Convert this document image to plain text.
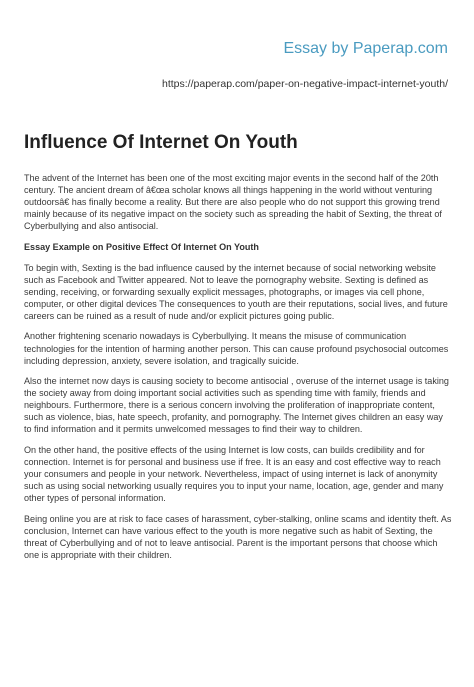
Essay by Paperap.com
https://paperap.com/paper-on-negative-impact-internet-youth/
Influence Of Internet On Youth

The advent of the Internet has been one of the most exciting major events in the second half of the 20th century. The ancient dream of â€œa scholar knows all things happening in the world without venturing outdoorsâ€ has finally become a reality. But there are also people who do not support this growing trend mainly because of its negative impact on the society such as spreading the habit of Sexting, the threat of Cyberbullying and also antisocial.

Essay Example on Positive Effect Of Internet On Youth

To begin with, Sexting is the bad influence caused by the internet because of social networking website such as Facebook and Twitter appeared. Not to leave the pornography website. Sexting is defined as sending, receiving, or forwarding sexually explicit messages, photographs, or images via cell phone, computer, or other digital devices The consequences to youth are their reputations, social lives, and future careers can be ruined as a result of nude and/or explicit pictures going public.

Another frightening scenario nowadays is Cyberbullying. It means the misuse of communication technologies for the intention of harming another person. This can cause profound psychosocial outcomes including depression, anxiety, severe isolation, and tragically suicide.

Also the internet now days is causing society to become antisocial , overuse of the internet usage is taking the society away from doing important social activities such as spending time with family, friends and neighbours. Furthermore, there is a serious concern involving the proliferation of inappropriate content, such as violence, bias, hate speech, profanity, and pornography. The Internet gives children an easy way to find information and it permits unwelcomed messages to find their way to children.

On the other hand, the positive effects of the using Internet is low costs, can builds credibility and for connection. Internet is for personal and business use if free. It is an easy and cost effective way to reach your consumers and people in your network. Nevertheless, impact of using internet is lack of anonymity such as using social networking usually requires you to input your name, location, age, gender and many other types of personal information.

Being online you are at risk to face cases of harassment, cyber-stalking, online scams and identity theft. As conclusion, Internet can have various effect to the youth is more negative such as habit of Sexting, the threat of Cyberbullying and of not to leave antisocial. Parent is the important persons that choose which one is appropriate with their children.
